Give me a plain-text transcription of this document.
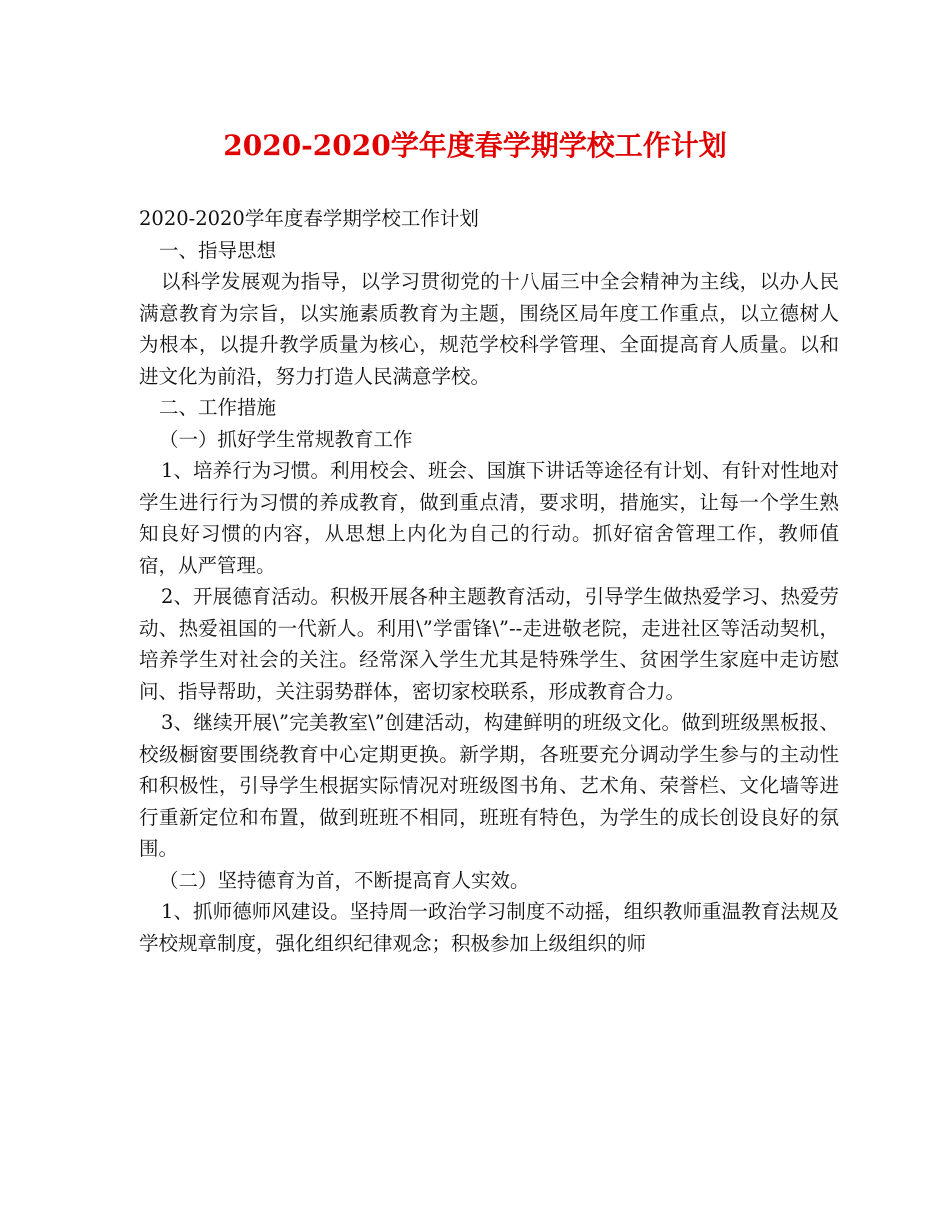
2020-2020学年度春学期学校工作计划

2020-2020学年度春学期学校工作计划

一、指导思想

以科学发展观为指导，以学习贯彻党的十八届三中全会精神为主线，以办人民满意教育为宗旨，以实施素质教育为主题，围绕区局年度工作重点，以立德树人为根本，以提升教学质量为核心，规范学校科学管理、全面提高育人质量。以和进文化为前沿，努力打造人民满意学校。

二、工作措施

（一）抓好学生常规教育工作

1、培养行为习惯。利用校会、班会、国旗下讲话等途径有计划、有针对性地对学生进行行为习惯的养成教育，做到重点清，要求明，措施实，让每一个学生熟知良好习惯的内容，从思想上内化为自己的行动。抓好宿舍管理工作，教师值宿，从严管理。

2、开展德育活动。积极开展各种主题教育活动，引导学生做热爱学习、热爱劳动、热爱祖国的一代新人。利用\”学雷锋\”--走进敬老院，走进社区等活动契机，培养学生对社会的关注。经常深入学生尤其是特殊学生、贫困学生家庭中走访慰问、指导帮助，关注弱势群体，密切家校联系，形成教育合力。

3、继续开展\”完美教室\”创建活动，构建鲜明的班级文化。做到班级黑板报、校级橱窗要围绕教育中心定期更换。新学期，各班要充分调动学生参与的主动性和积极性，引导学生根据实际情况对班级图书角、艺术角、荣誉栏、文化墙等进行重新定位和布置，做到班班不相同，班班有特色，为学生的成长创设良好的氛围。

（二）坚持德育为首，不断提高育人实效。

1、抓师德师风建设。坚持周一政治学习制度不动摇，组织教师重温教育法规及学校规章制度，强化组织纪律观念；积极参加上级组织的师
